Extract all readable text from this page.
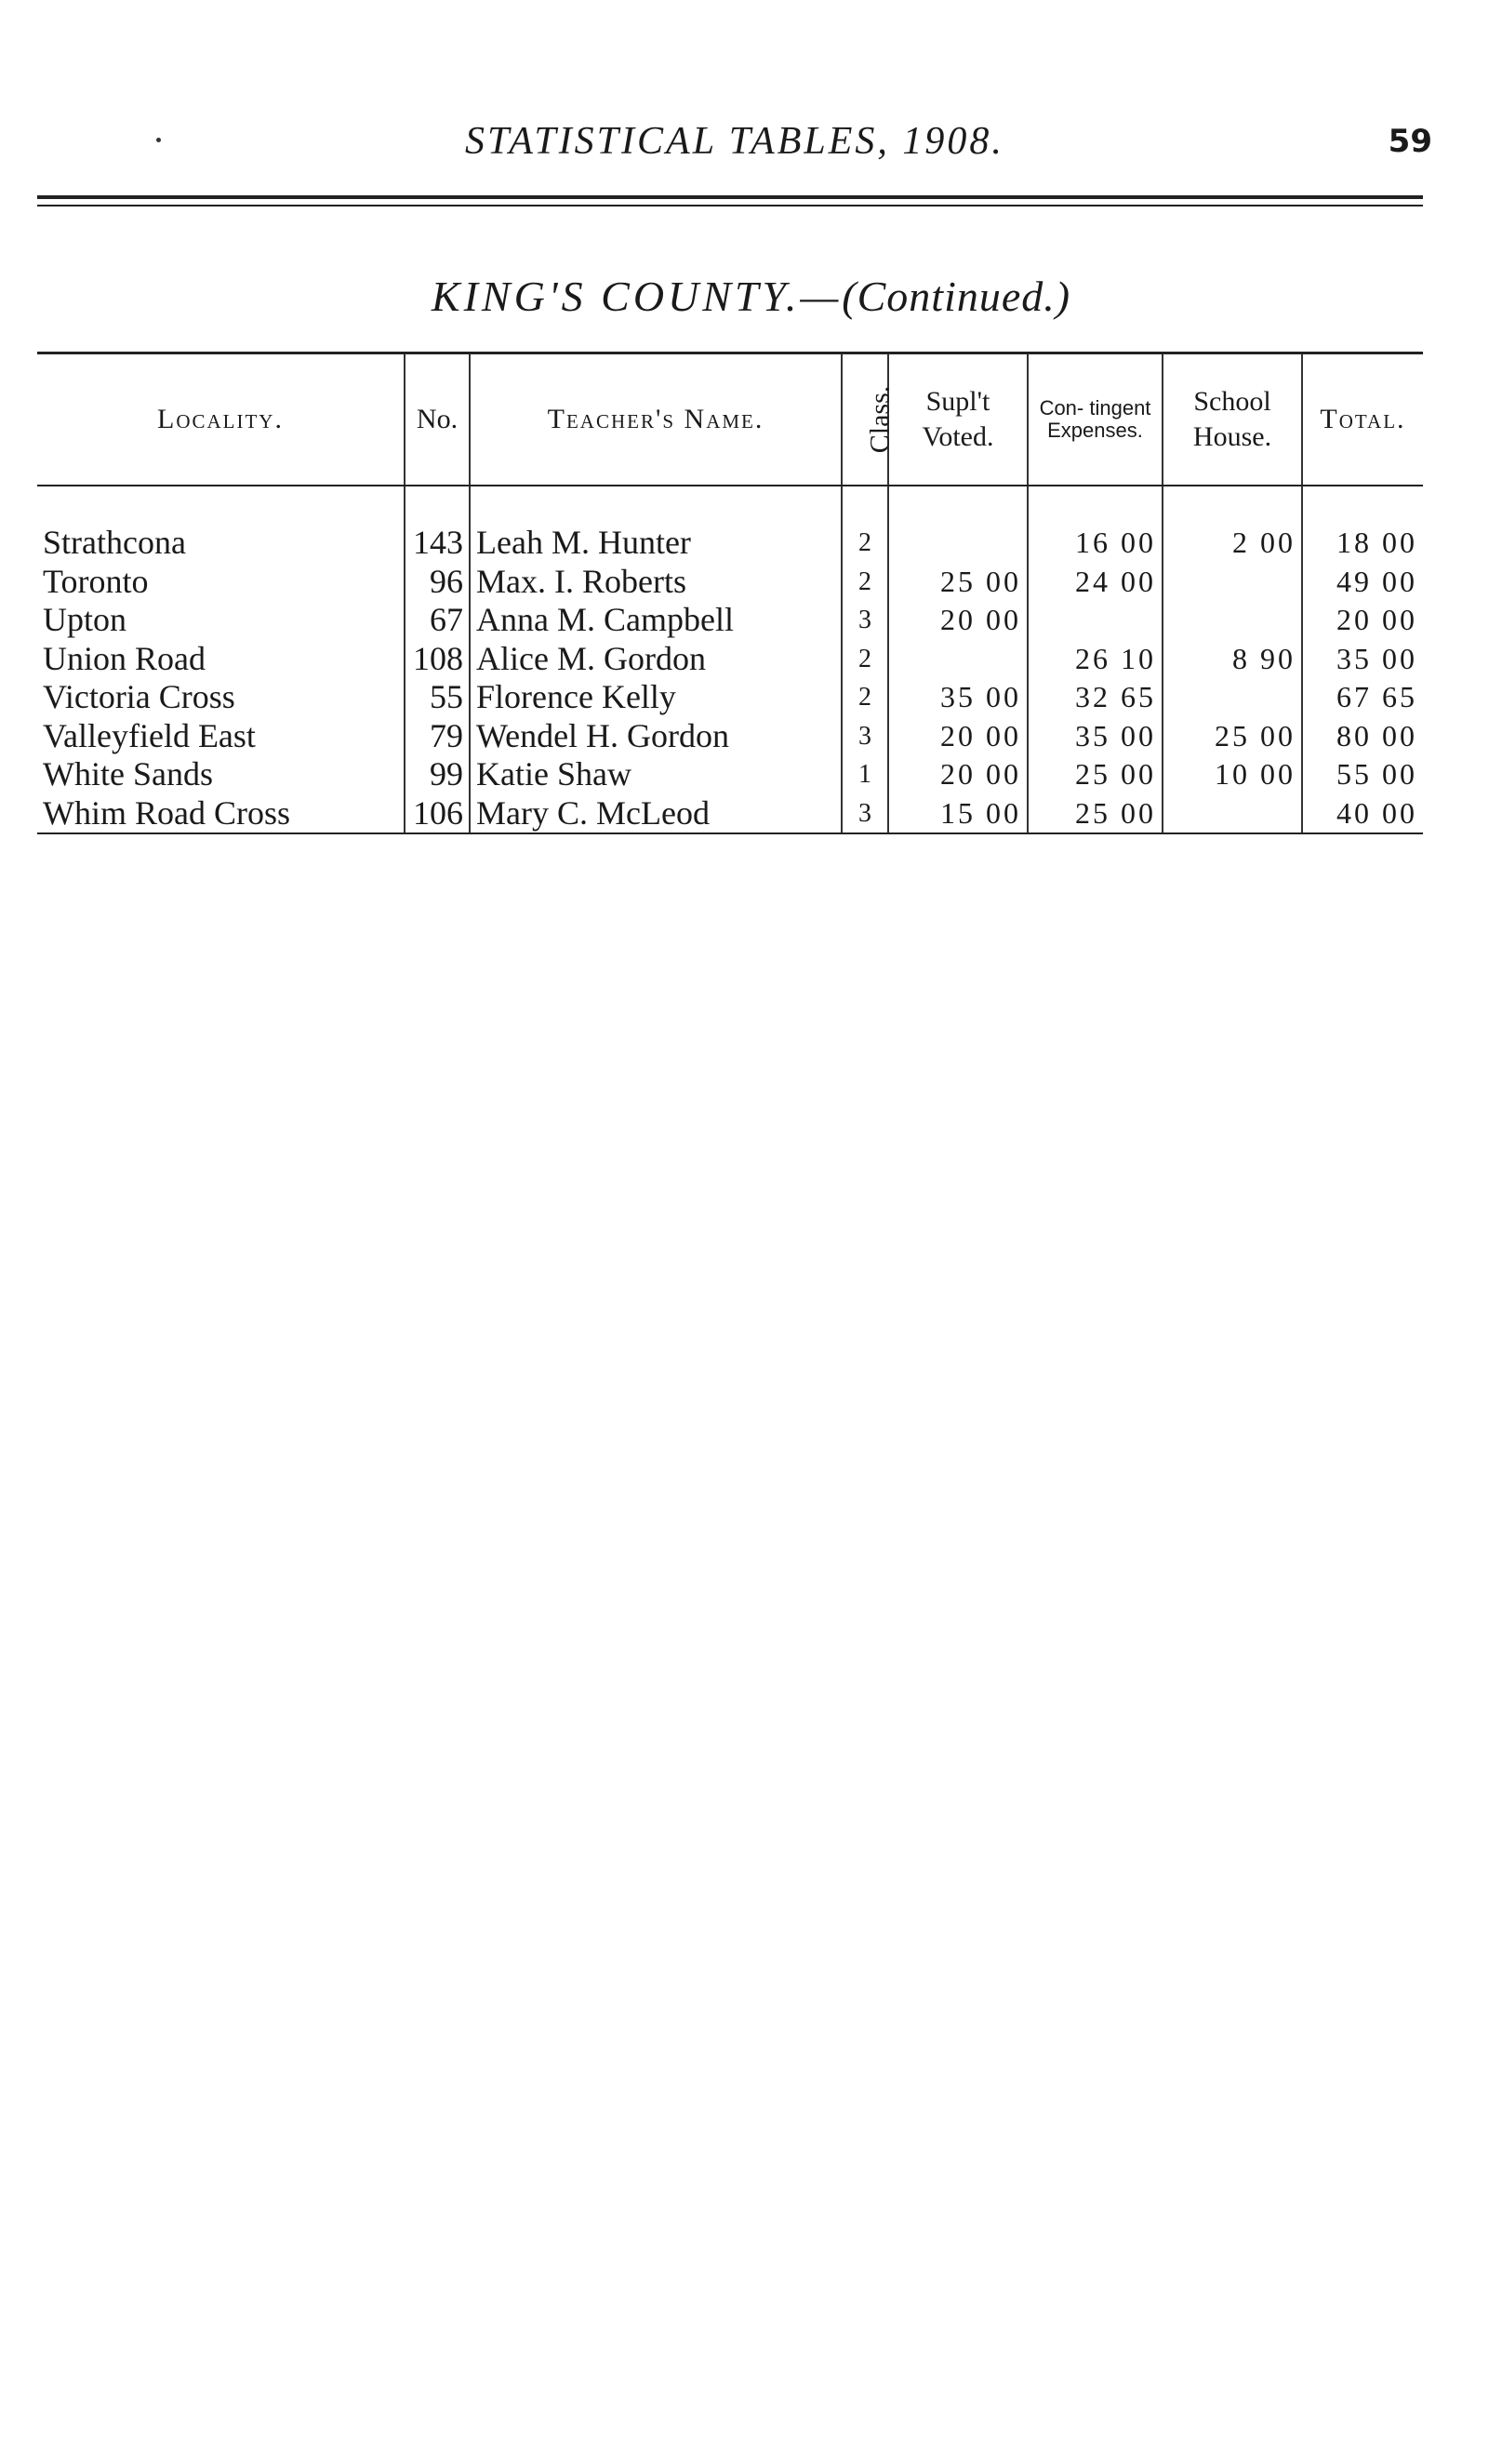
STATISTICAL TABLES, 1908.	59
KING'S COUNTY.—(Continued.)
Locality.	No.	Teacher's Name.	Class.	Supl't Voted.	Con- tingent Expenses.	School House.	Total.
Strathcona	143	Leah M. Hunter	2		16 00	2 00	18 00
Toronto	96	Max. I. Roberts	2	25 00	24 00		49 00
Upton	67	Anna M. Campbell	3	20 00			20 00
Union Road	108	Alice M. Gordon	2		26 10	8 90	35 00
Victoria Cross	55	Florence Kelly	2	35 00	32 65		67 65
Valleyfield East	79	Wendel H. Gordon	3	20 00	35 00	25 00	80 00
White Sands	99	Katie Shaw	1	20 00	25 00	10 00	55 00
Whim Road Cross	106	Mary C. McLeod	3	15 00	25 00		40 00
